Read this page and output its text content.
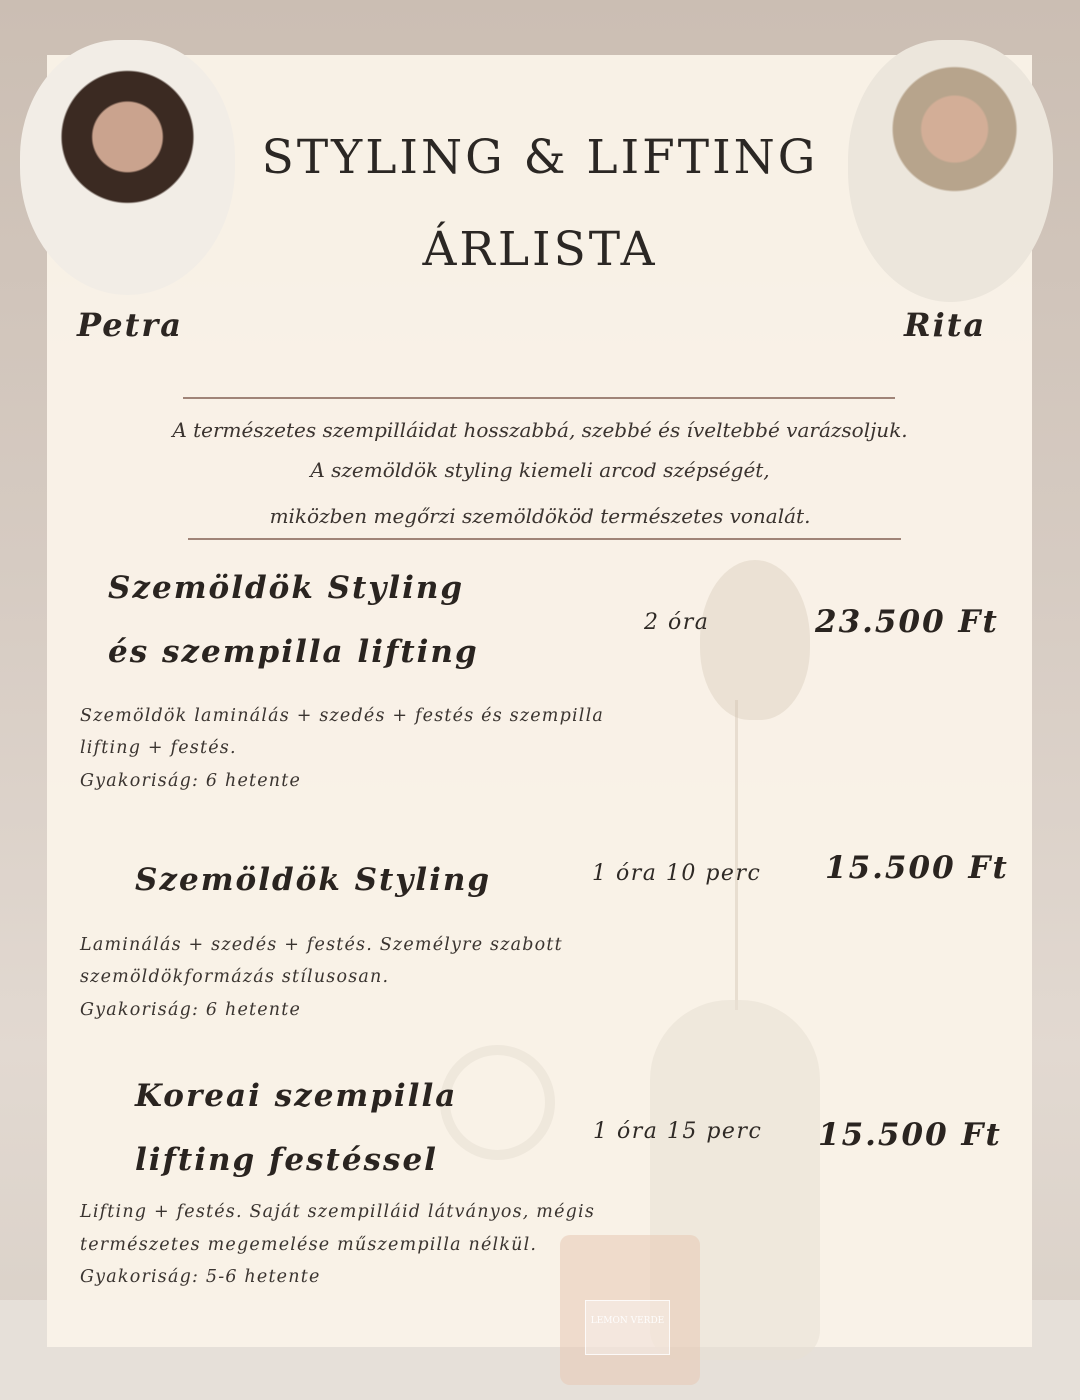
LEMON VERDE
Petra	Rita
STYLING & LIFTING
ÁRLISTA
A természetes szempilláidat hosszabbá, szebbé és íveltebbé varázsoljuk.
A szemöldök styling kiemeli arcod szépségét,
miközben megőrzi szemöldököd természetes vonalát.
Szemöldök Styling
és szempilla lifting
2 óra	23.500 Ft
Szemöldök laminálás + szedés + festés és szempilla
lifting + festés.
Gyakoriság: 6 hetente
Szemöldök Styling	1 óra 10 perc 15.500 Ft
Laminálás + szedés + festés. Személyre szabott
szemöldökformázás stílusosan.
Gyakoriság: 6 hetente
Koreai szempilla
lifting festéssel
1 óra 15 perc 15.500 Ft
Lifting + festés. Saját szempilláid látványos, mégis
természetes megemelése műszempilla nélkül.
Gyakoriság: 5-6 hetente
